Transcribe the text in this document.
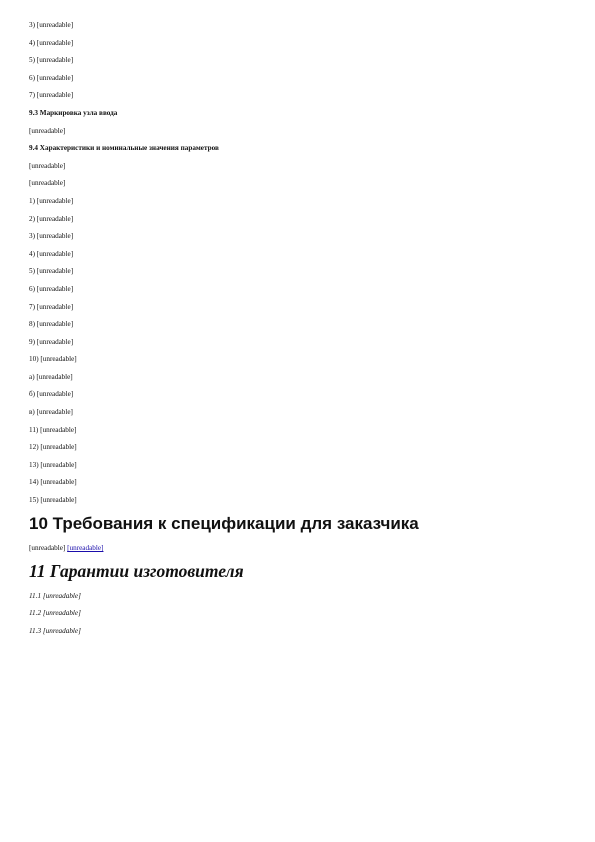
3) [unreadable]
4) [unreadable]
5) [unreadable]
6) [unreadable]
7) [unreadable]
9.3 Маркировка узла ввода
[unreadable]
9.4 Характеристики и номинальные значения параметров
[unreadable]
[unreadable]
1) [unreadable]
2) [unreadable]
3) [unreadable]
4) [unreadable]
5) [unreadable]
6) [unreadable]
7) [unreadable]
8) [unreadable]
9) [unreadable]
10) [unreadable]
а) [unreadable]
б) [unreadable]
в) [unreadable]
11) [unreadable]
12) [unreadable]
13) [unreadable]
14) [unreadable]
15) [unreadable]
10 Требования к спецификации для заказчика
[unreadable] [unreadable]
11 Гарантии изготовителя
11.1 [unreadable]
11.2 [unreadable]
11.3 [unreadable]
